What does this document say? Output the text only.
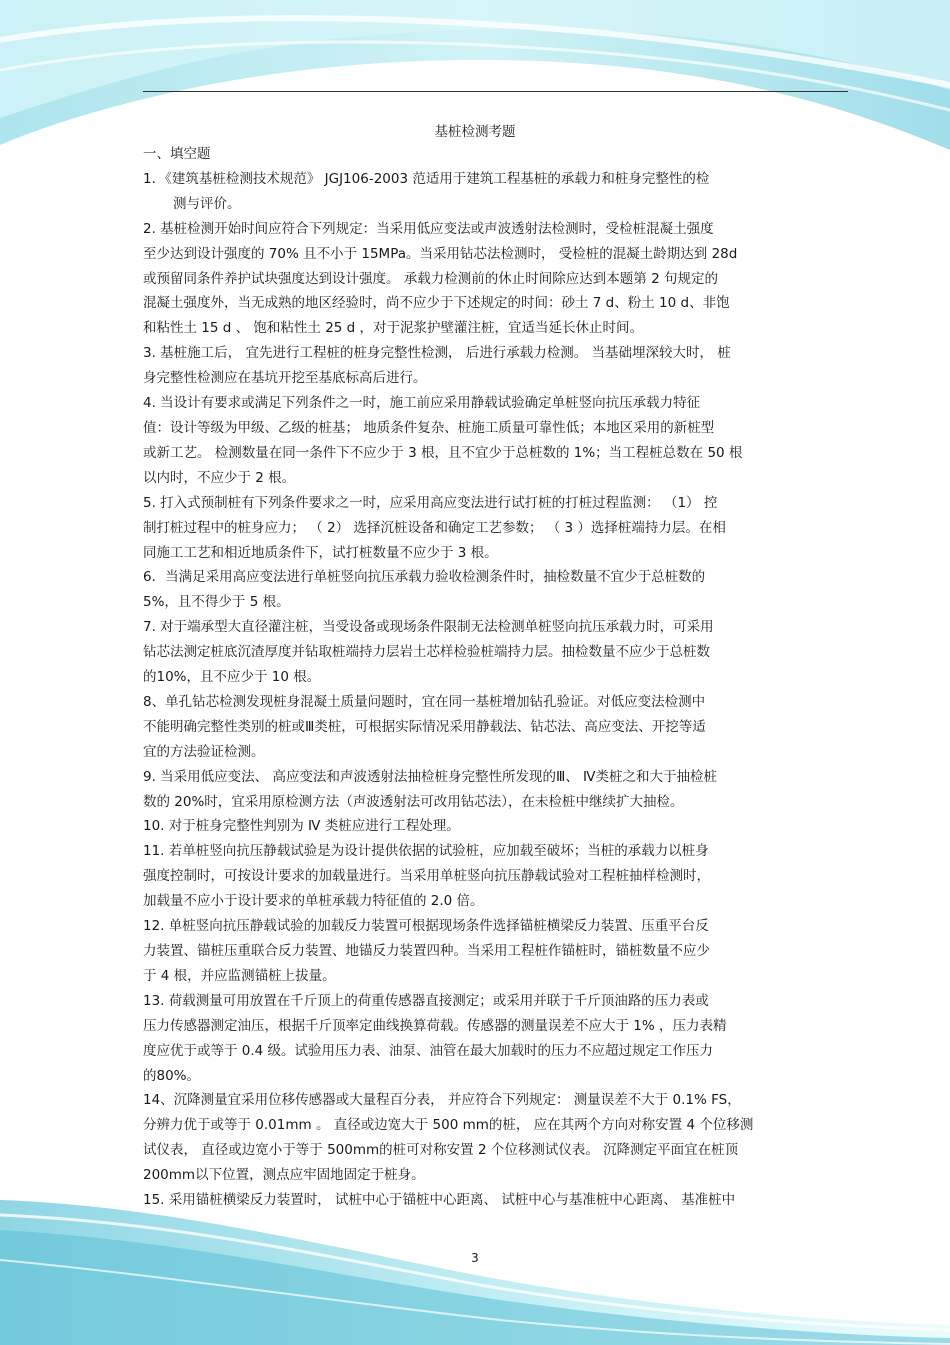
基桩检测考题

一、填空题

1．《建筑基桩检测技术规范》 JGJ106-2003 范适用于建筑工程基桩的承载力和桩身完整性的检

测与评价。

2. 基桩检测开始时间应符合下列规定：当采用低应变法或声波透射法检测时，受检桩混凝土强度

至少达到设计强度的 70% 且不小于 15MPa。当采用钻芯法检测时， 受检桩的混凝土龄期达到 28d

或预留同条件养护试块强度达到设计强度。 承载力检测前的休止时间除应达到本题第 2 句规定的

混凝土强度外，当无成熟的地区经验时，尚不应少于下述规定的时间：砂土 7 d、粉土 10 d、非饱

和粘性土 15 d 、 饱和粘性土 25 d ，对于泥浆护壁灌注桩，宜适当延长休止时间。

3. 基桩施工后， 宜先进行工程桩的桩身完整性检测， 后进行承载力检测。 当基础埋深较大时， 桩

身完整性检测应在基坑开挖至基底标高后进行。

4. 当设计有要求或满足下列条件之一时，施工前应采用静载试验确定单桩竖向抗压承载力特征

值：设计等级为甲级、乙级的桩基； 地质条件复杂、桩施工质量可靠性低；本地区采用的新桩型

或新工艺。 检测数量在同一条件下不应少于 3 根，且不宜少于总桩数的 1%；当工程桩总数在 50 根

以内时，不应少于 2 根。

5. 打入式预制桩有下列条件要求之一时，应采用高应变法进行试打桩的打桩过程监测： （1） 控

制打桩过程中的桩身应力； （ 2） 选择沉桩设备和确定工艺参数； （ 3 ）选择桩端持力层。在相

同施工工艺和相近地质条件下，试打桩数量不应少于 3 根。

6．当满足采用高应变法进行单桩竖向抗压承载力验收检测条件时，抽检数量不宜少于总桩数的

5%，且不得少于 5 根。

7. 对于端承型大直径灌注桩，当受设备或现场条件限制无法检测单桩竖向抗压承载力时，可采用

钻芯法测定桩底沉渣厚度并钻取桩端持力层岩土芯样检验桩端持力层。抽检数量不应少于总桩数

的10%，且不应少于 10 根。

8、单孔钻芯检测发现桩身混凝土质量问题时，宜在同一基桩增加钻孔验证。对低应变法检测中

不能明确完整性类别的桩或Ⅲ类桩，可根据实际情况采用静载法、钻芯法、高应变法、开挖等适

宜的方法验证检测。

9. 当采用低应变法、 高应变法和声波透射法抽检桩身完整性所发现的Ⅲ、 Ⅳ类桩之和大于抽检桩

数的 20%时，宜采用原检测方法（声波透射法可改用钻芯法），在未检桩中继续扩大抽检。

10. 对于桩身完整性判别为 Ⅳ 类桩应进行工程处理。

11. 若单桩竖向抗压静载试验是为设计提供依据的试验桩，应加载至破坏；当桩的承载力以桩身

强度控制时，可按设计要求的加载量进行。当采用单桩竖向抗压静载试验对工程桩抽样检测时，

加载量不应小于设计要求的单桩承载力特征值的 2.0 倍。

12. 单桩竖向抗压静载试验的加载反力装置可根据现场条件选择锚桩横梁反力装置、压重平台反

力装置、锚桩压重联合反力装置、地锚反力装置四种。当采用工程桩作锚桩时，锚桩数量不应少

于 4 根，并应监测锚桩上拔量。

13. 荷载测量可用放置在千斤顶上的荷重传感器直接测定；或采用并联于千斤顶油路的压力表或

压力传感器测定油压，根据千斤顶率定曲线换算荷载。传感器的测量误差不应大于 1% ，压力表精

度应优于或等于 0.4 级。试验用压力表、油泵、油管在最大加载时的压力不应超过规定工作压力

的80%。

14、沉降测量宜采用位移传感器或大量程百分表， 并应符合下列规定： 测量误差不大于 0.1% FS，

分辨力优于或等于 0.01mm 。 直径或边宽大于 500 mm的桩， 应在其两个方向对称安置 4 个位移测

试仪表， 直径或边宽小于等于 500mm的桩可对称安置 2 个位移测试仪表。 沉降测定平面宜在桩顶

200mm以下位置，测点应牢固地固定于桩身。

15. 采用锚桩横梁反力装置时， 试桩中心于锚桩中心距离、 试桩中心与基准桩中心距离、 基准桩中

3
